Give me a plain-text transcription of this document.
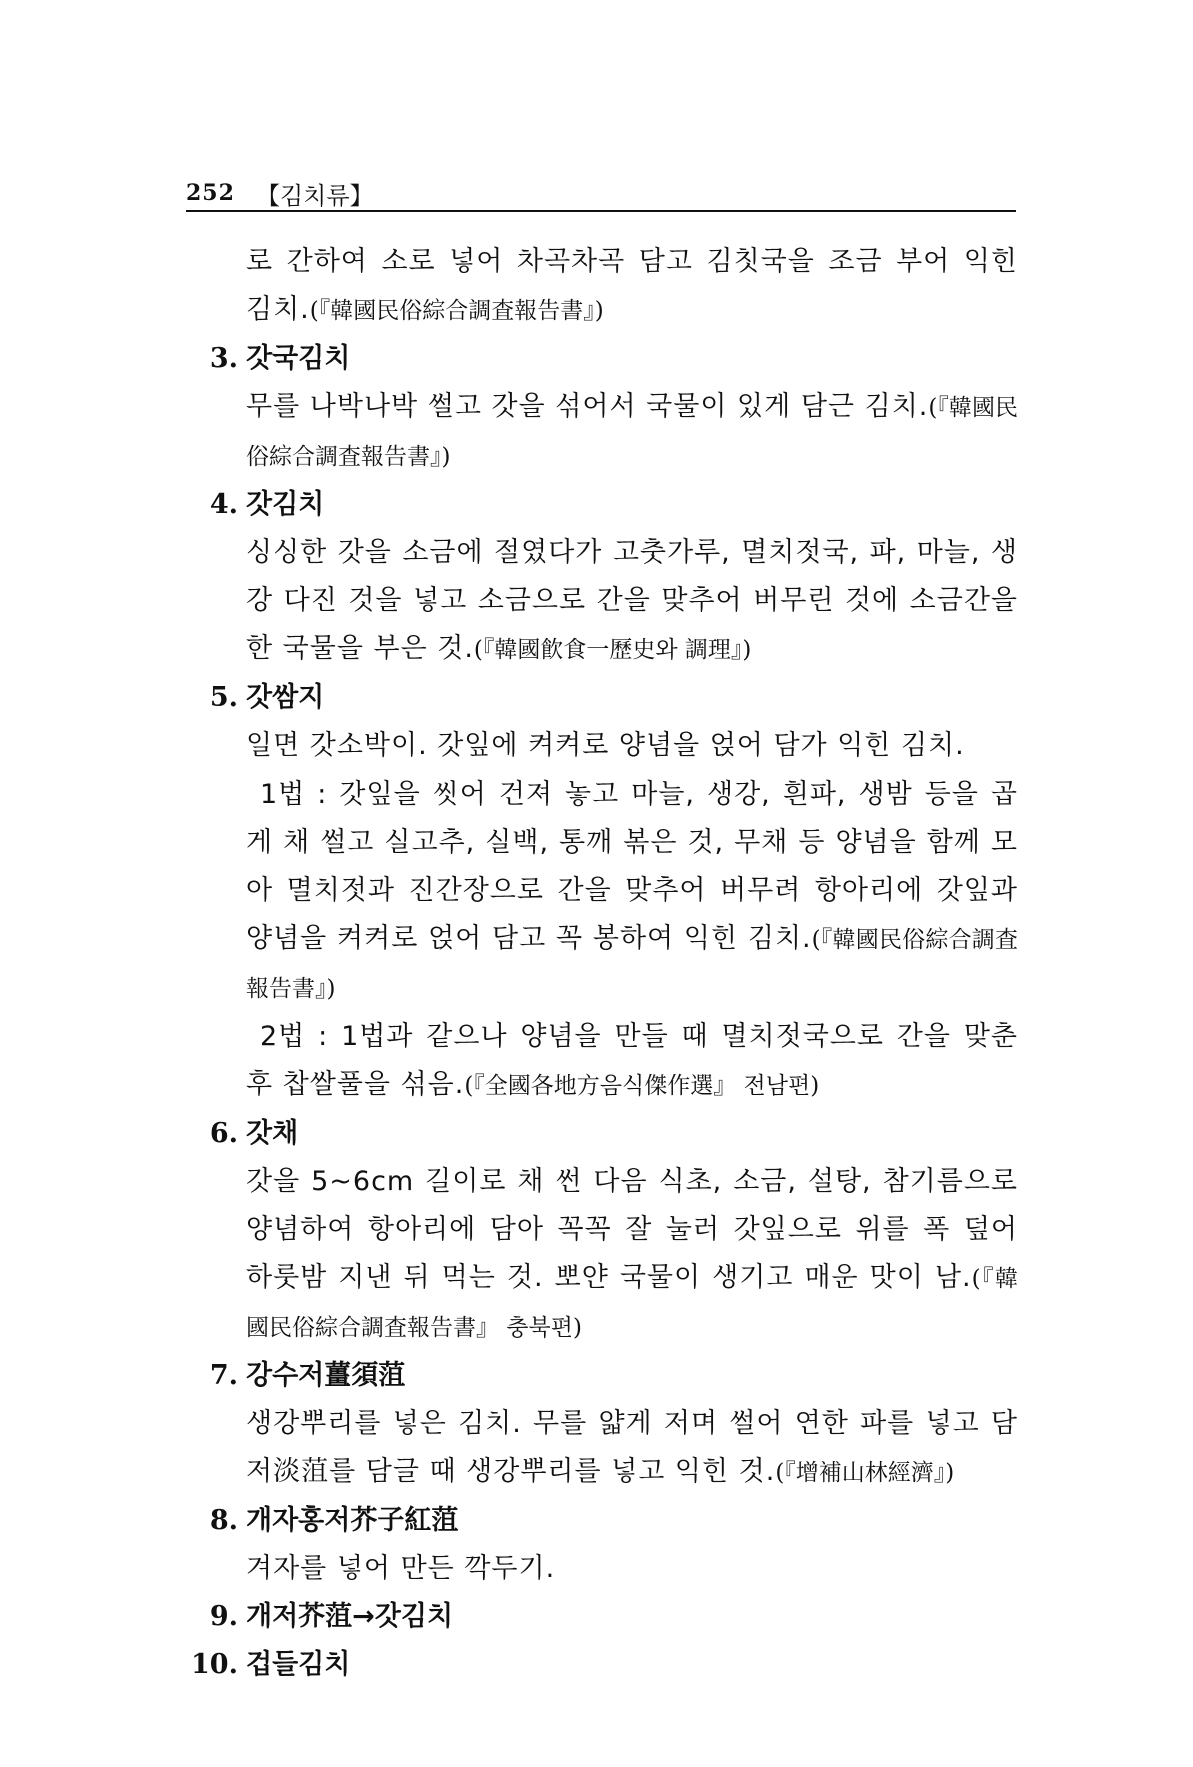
252 【김치류】

로 간하여 소로 넣어 차곡차곡 담고 김칫국을 조금 부어 익힌 김치.(『韓國民俗綜合調査報告書』)

3. 갓국김치

무를 나박나박 썰고 갓을 섞어서 국물이 있게 담근 김치.(『韓國民俗綜合調査報告書』)

4. 갓김치

싱싱한 갓을 소금에 절였다가 고춧가루, 멸치젓국, 파, 마늘, 생강 다진 것을 넣고 소금으로 간을 맞추어 버무린 것에 소금간을 한 국물을 부은 것.(『韓國飮食一歷史와 調理』)

5. 갓쌈지

일면 갓소박이. 갓잎에 켜켜로 양념을 얹어 담가 익힌 김치.

1법 : 갓잎을 씻어 건져 놓고 마늘, 생강, 흰파, 생밤 등을 곱게 채 썰고 실고추, 실백, 통깨 볶은 것, 무채 등 양념을 함께 모아 멸치젓과 진간장으로 간을 맞추어 버무려 항아리에 갓잎과 양념을 켜켜로 얹어 담고 꼭 봉하여 익힌 김치.(『韓國民俗綜合調査報告書』)

2법 : 1법과 같으나 양념을 만들 때 멸치젓국으로 간을 맞춘 후 찹쌀풀을 섞음.(『全國各地方음식傑作選』 전남편)

6. 갓채

갓을 5~6cm 길이로 채 썬 다음 식초, 소금, 설탕, 참기름으로 양념하여 항아리에 담아 꼭꼭 잘 눌러 갓잎으로 위를 폭 덮어 하룻밤 지낸 뒤 먹는 것. 뽀얀 국물이 생기고 매운 맛이 남.(『韓國民俗綜合調査報告書』 충북편)

7. 강수저薑須菹

생강뿌리를 넣은 김치. 무를 얇게 저며 썰어 연한 파를 넣고 담저淡菹를 담글 때 생강뿌리를 넣고 익힌 것.(『增補山林經濟』)

8. 개자홍저芥子紅菹

겨자를 넣어 만든 깍두기.

9. 개저芥菹→갓김치
10. 겁들김치
